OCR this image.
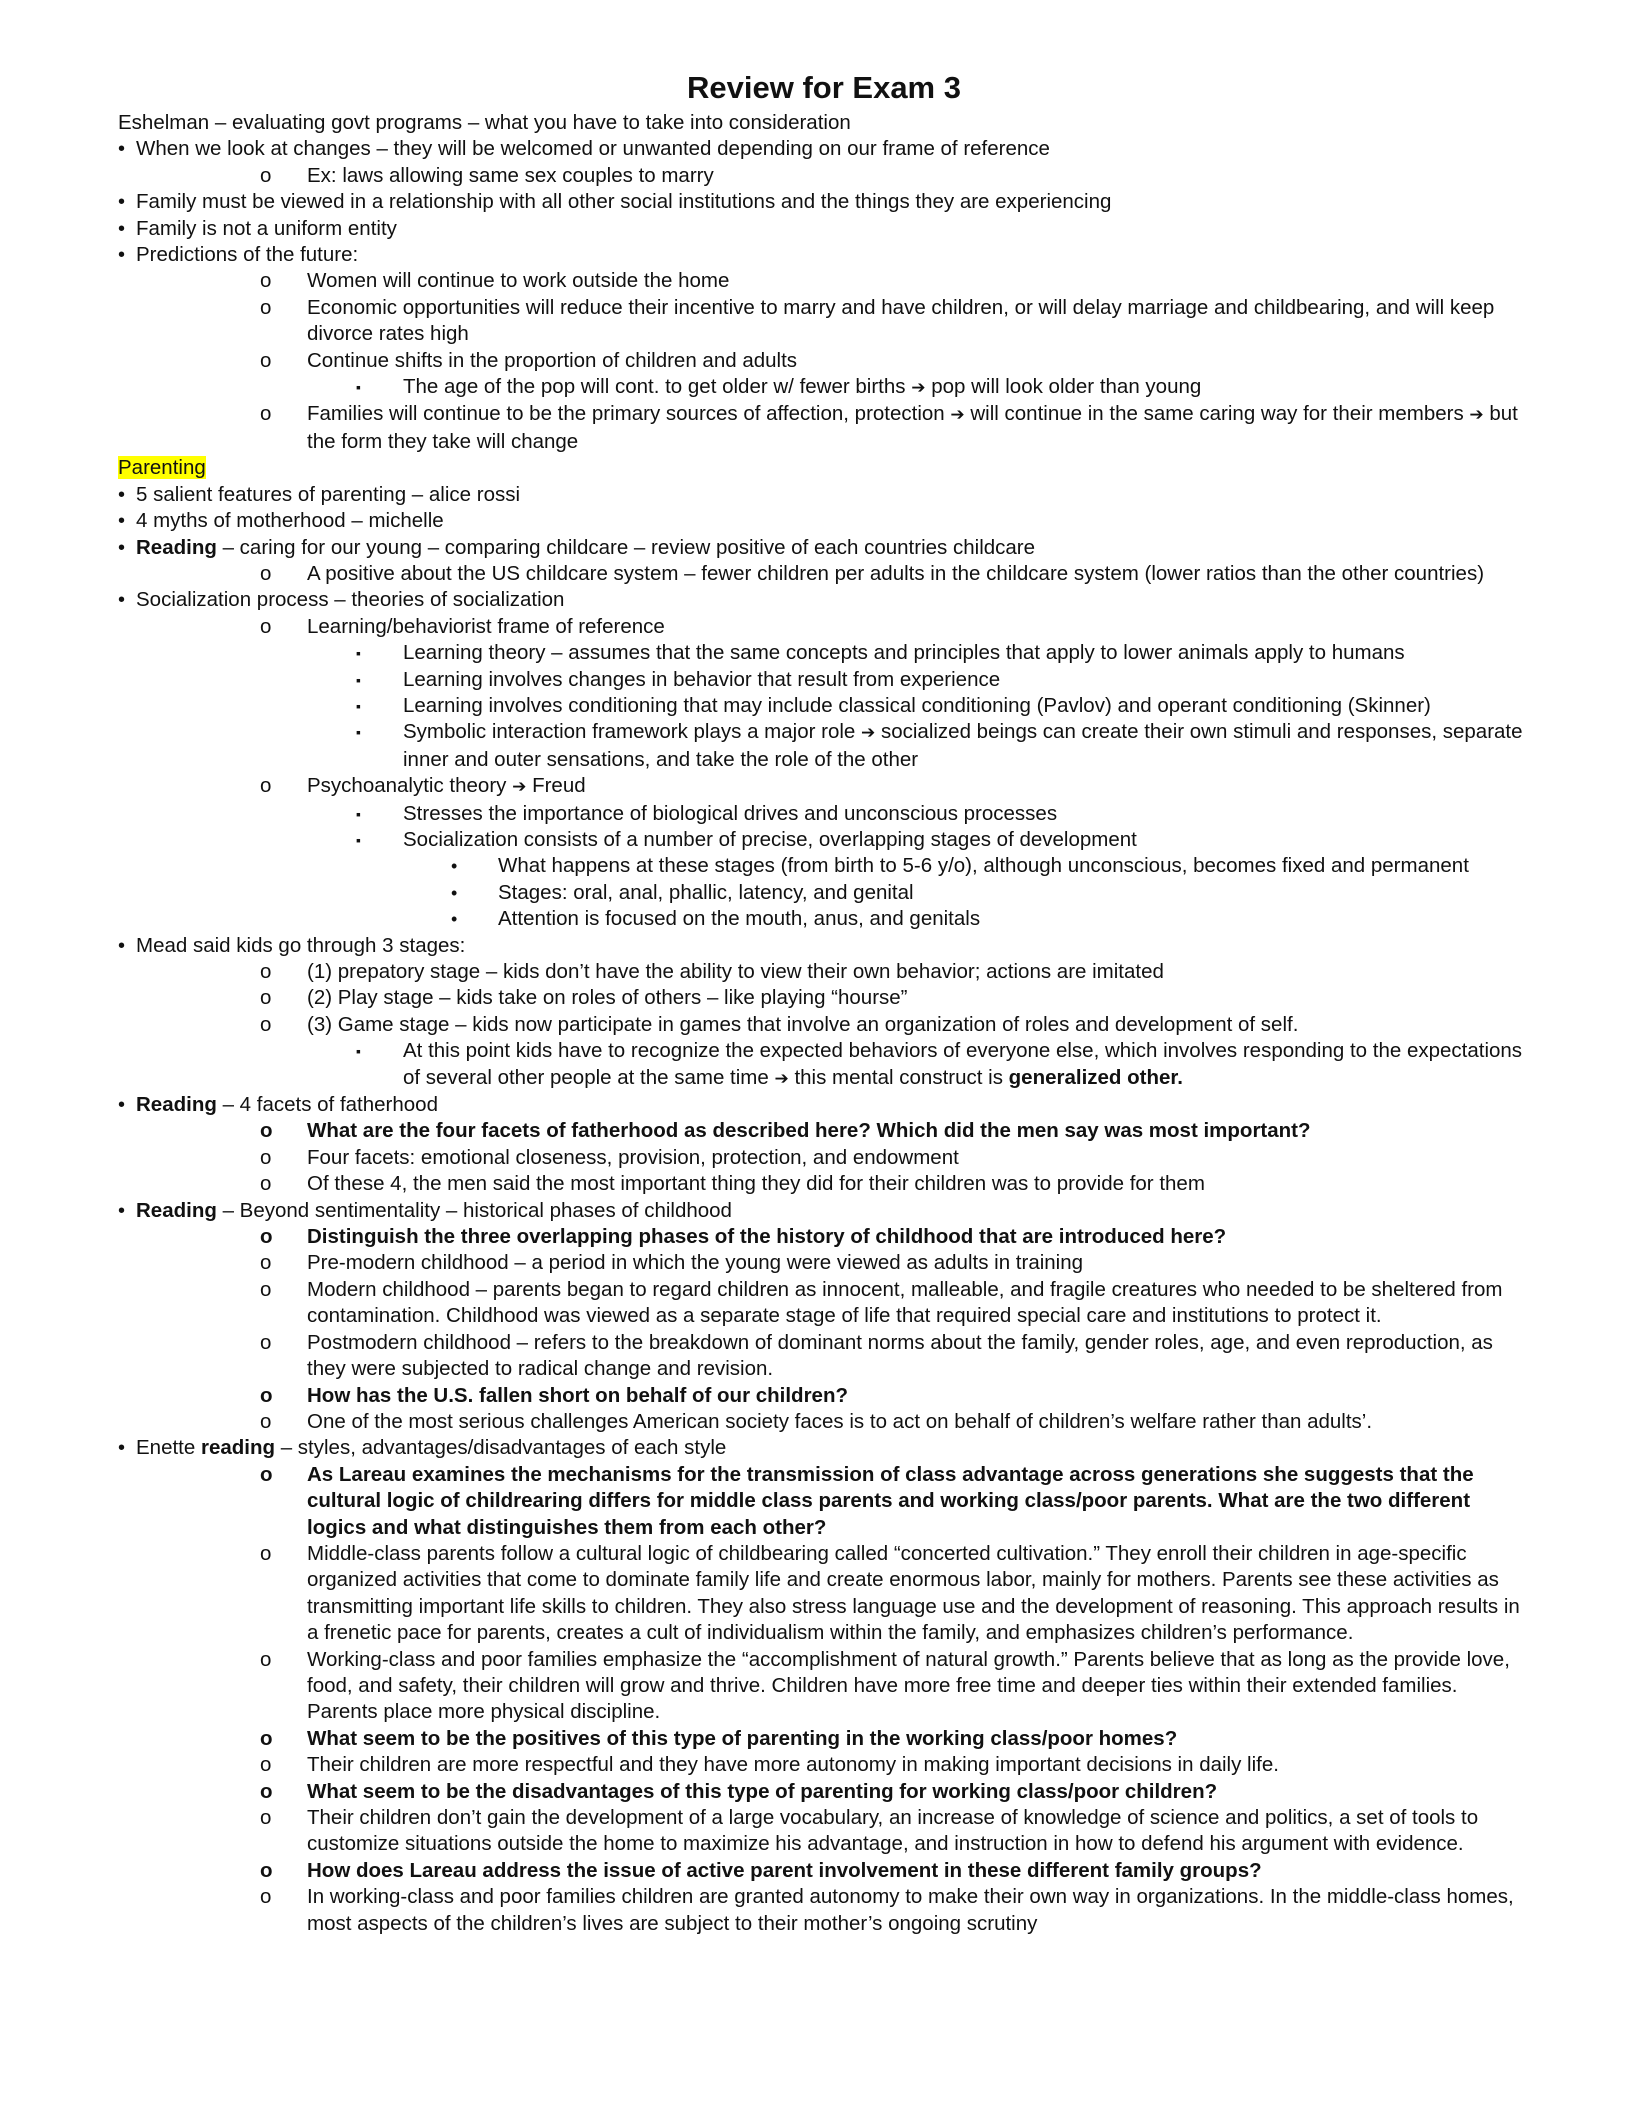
Review for Exam 3

Eshelman – evaluating govt programs – what you have to take into consideration

• When we look at changes – they will be welcomed or unwanted depending on our frame of reference
o	Ex: laws allowing same sex couples to marry
• Family must be viewed in a relationship with all other social institutions and the things they are experiencing
• Family is not a uniform entity
• Predictions of the future:
o	Women will continue to work outside the home
o	Economic opportunities will reduce their incentive to marry and have children, or will delay marriage and childbearing, and will keep divorce rates high
o	Continue shifts in the proportion of children and adults
▪	The age of the pop will cont. to get older w/ fewer births ➔ pop will look older than young
o	Families will continue to be the primary sources of affection, protection ➔ will continue in the same caring way for their members ➔ but the form they take will change

Parenting

• 5 salient features of parenting – alice rossi
• 4 myths of motherhood – michelle
• Reading – caring for our young – comparing childcare – review positive of each countries childcare
o	A positive about the US childcare system – fewer children per adults in the childcare system (lower ratios than the other countries)
• Socialization process – theories of socialization
o	Learning/behaviorist frame of reference
▪	Learning theory – assumes that the same concepts and principles that apply to lower animals apply to humans
▪	Learning involves changes in behavior that result from experience
▪	Learning involves conditioning that may include classical conditioning (Pavlov) and operant conditioning (Skinner)
▪	Symbolic interaction framework plays a major role ➔ socialized beings can create their own stimuli and responses, separate inner and outer sensations, and take the role of the other
o	Psychoanalytic theory ➔ Freud
▪	Stresses the importance of biological drives and unconscious processes
▪	Socialization consists of a number of precise, overlapping stages of development
•	What happens at these stages (from birth to 5-6 y/o), although unconscious, becomes fixed and permanent
•	Stages: oral, anal, phallic, latency, and genital
•	Attention is focused on the mouth, anus, and genitals
• Mead said kids go through 3 stages:
o	(1) prepatory stage – kids don’t have the ability to view their own behavior; actions are imitated
o	(2) Play stage – kids take on roles of others – like playing “hourse”
o	(3) Game stage – kids now participate in games that involve an organization of roles and development of self.
▪	At this point kids have to recognize the expected behaviors of everyone else, which involves responding to the expectations of several other people at the same time ➔ this mental construct is generalized other.
• Reading – 4 facets of fatherhood
o	What are the four facets of fatherhood as described here? Which did the men say was most important?
o	Four facets: emotional closeness, provision, protection, and endowment
o	Of these 4, the men said the most important thing they did for their children was to provide for them
• Reading – Beyond sentimentality – historical phases of childhood
o	Distinguish the three overlapping phases of the history of childhood that are introduced here?
o	Pre-modern childhood – a period in which the young were viewed as adults in training
o	Modern childhood – parents began to regard children as innocent, malleable, and fragile creatures who needed to be sheltered from contamination. Childhood was viewed as a separate stage of life that required special care and institutions to protect it.
o	Postmodern childhood – refers to the breakdown of dominant norms about the family, gender roles, age, and even reproduction, as they were subjected to radical change and revision.
o	How has the U.S. fallen short on behalf of our children?
o	One of the most serious challenges American society faces is to act on behalf of children’s welfare rather than adults’.
• Enette reading – styles, advantages/disadvantages of each style
o	As Lareau examines the mechanisms for the transmission of class advantage across generations she suggests that the cultural logic of childrearing differs for middle class parents and working class/poor parents. What are the two different logics and what distinguishes them from each other?
o	Middle-class parents follow a cultural logic of childbearing called “concerted cultivation.” They enroll their children in age-specific organized activities that come to dominate family life and create enormous labor, mainly for mothers. Parents see these activities as transmitting important life skills to children. They also stress language use and the development of reasoning. This approach results in a frenetic pace for parents, creates a cult of individualism within the family, and emphasizes children’s performance.
o	Working-class and poor families emphasize the “accomplishment of natural growth.” Parents believe that as long as the provide love, food, and safety, their children will grow and thrive. Children have more free time and deeper ties within their extended families. Parents place more physical discipline.
o	What seem to be the positives of this type of parenting in the working class/poor homes?
o	Their children are more respectful and they have more autonomy in making important decisions in daily life.
o	What seem to be the disadvantages of this type of parenting for working class/poor children?
o	Their children don’t gain the development of a large vocabulary, an increase of knowledge of science and politics, a set of tools to customize situations outside the home to maximize his advantage, and instruction in how to defend his argument with evidence.
o	How does Lareau address the issue of active parent involvement in these different family groups?
o	In working-class and poor families children are granted autonomy to make their own way in organizations. In the middle-class homes, most aspects of the children’s lives are subject to their mother’s ongoing scrutiny
